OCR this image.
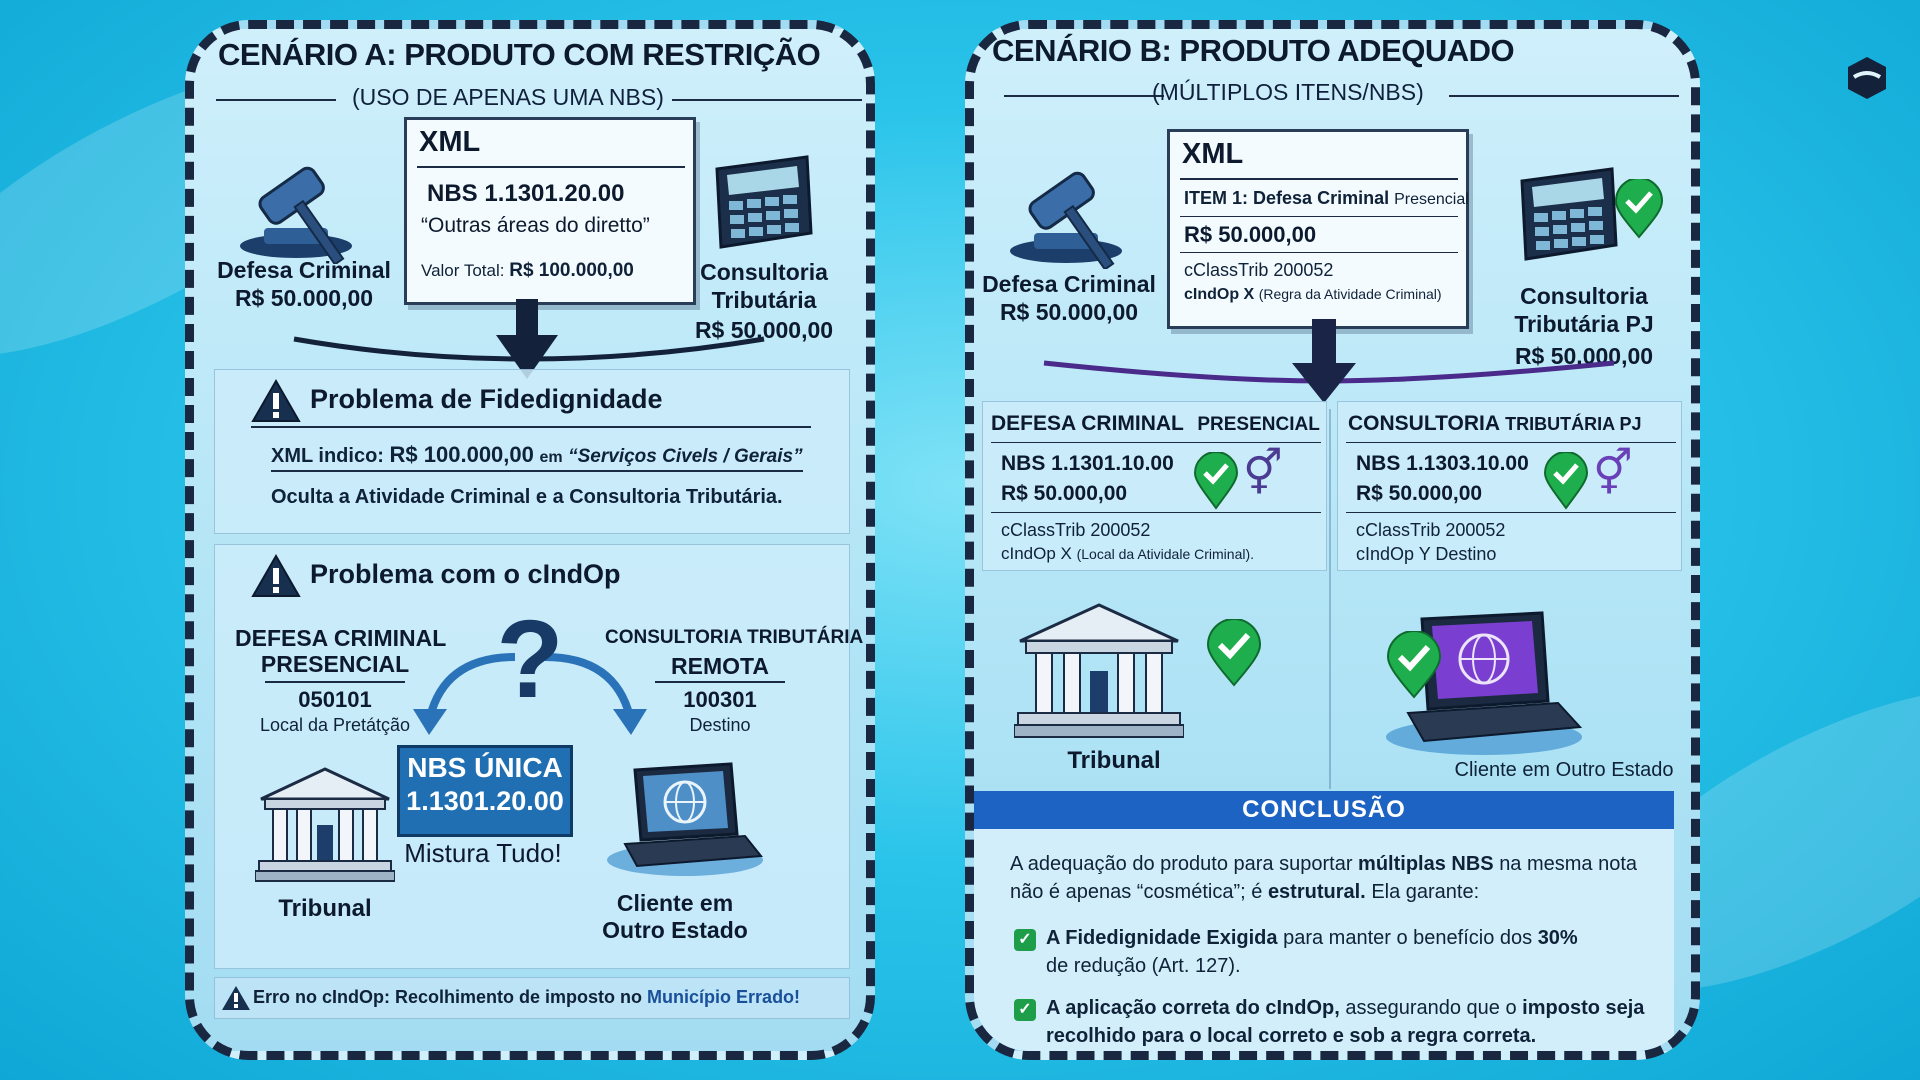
CENÁRIO A: PRODUTO COM RESTRIÇÃO
(USO DE APENAS UMA NBS)
Defesa Criminal
R$ 50.000,00
XML
NBS 1.1301.20.00
“Outras áreas do diretto”
Valor Total: R$ 100.000,00	Consultoria
Tributária
R$ 50.000,00
Problema de Fidedignidade
XML indico: R$ 100.000,00 em “Serviços Civels / Gerais”
Oculta a Atividade Criminal e a Consultoria Tributária.
Problema com o cIndOp
DEFESA CRIMINAL
PRESENCIAL
050101
Local da Pretátção
CONSULTORIA TRIBUTÁRIA
REMOTA
100301
Destino
?
NBS ÚNICA
1.1301.20.00
Mistura Tudo!
Tribunal	Cliente em
Outro Estado
Erro no cIndOp: Recolhimento de imposto no Município Errado!
CENÁRIO B: PRODUTO ADEQUADO
(MÚLTIPLOS ITENS/NBS)
Defesa Criminal
R$ 50.000,00
XML
ITEM 1: Defesa Criminal Presencial
R$ 50.000,00
cClassTrib 200052
cIndOp X (Regra da Atividade Criminal)	Consultoria
Tributária PJ
R$ 50.000,00
DEFESA CRIMINAL PRESENCIAL
NBS 1.1301.10.00
R$ 50.000,00	⚥
cClassTrib 200052
cIndOp X (Local da Atividale Criminal).
CONSULTORIA TRIBUTÁRIA PJ
NBS 1.1303.10.00
R$ 50.000,00	⚥
cClassTrib 200052
cIndOp Y Destino
Tribunal	Cliente em Outro Estado
CONCLUSÃO
A adequação do produto para suportar múltiplas NBS na mesma nota
não é apenas “cosmética”; é estrutural. Ela garante:
✓ A Fidedignidade Exigida para manter o benefício dos 30%
de redução (Art. 127).
✓ A aplicação correta do cIndOp, assegurando que o imposto seja
recolhido para o local correto e sob a regra correta.
